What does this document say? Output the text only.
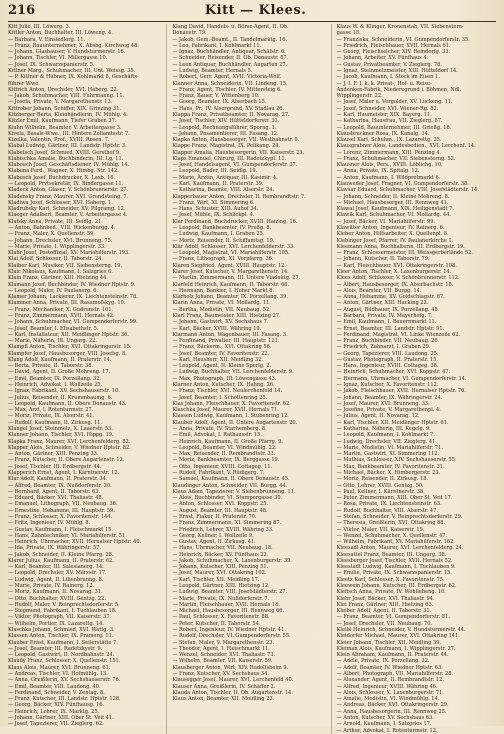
216	Kitt — Klees.
Kitt Julie, III. Löwerg. 3.
Kittler Anton, Buchhalter, III. Löweng. 4.
— Barbara, V. Einsiedlerg. 11.
— Franz, Bauunternehmer, X. Absbg. Kirchweg 48.
— Johann, Glashauser, V. Hundsturmerstr. 16.
— Johann, Tischler, VI. Millergasse 10.
— Josef, IX. Schwarzspanierstr. 5.
Kittner Marg., Schuhmacher, III. Unt. Weissg. 35.
— P. Kittner & Hübner, IX. Kohlmarkt 8, Geschäfts-
führer Wwe.
Kittrich Anton, Drechsler, XVI. Haberg. 22.
— Jakob, Schuhmacher, VIII. Fuhrmanng. 11.
— Josefa, Private, V. Margarethenstr. 13.
Kittrober Johann, Schiffer, XIX. Grinzing 31.
Kitzberger Berta, Kleinhändlerin, IV. Mühlg. 4.
Kitzler Emil, Kaufmann, Tiefer Graben 37.
Kiuhn Wilhelm, Beamter, V. Arbeitergasse 3.
Kivela, Basale-Wwe., III. Hintere Zollamtsstr. 7.
Kizelka, Valentin, Prof., XVIII. Rosen. 7.
Klabal Ludwig, Gärtner, III. Landstr. Hptstr. 3.
Klabetsch Josef, Schmied, XVIII. Gersthof 9.
Klabischka Amalie, Buchbinderin, III. Lg. 11.
Klabouch Josef, Geschäftsdiener, IV. Mühlg. 14.
Klabuna Ferd., Wagner, X. Himbg. Str. 142.
Klabusch Josef, Buchdrucker, X. Laxb. 16.
— Leopold, Prvtsekretär, IX. Bindergasse 11.
Kladeck Anton, Glaser, V. Schönbrunnerstr. 27.
Kladensky Franz, Maurer, XVI. Grundsteing. 7.
Kladiwa Josef, Schlosser, XVI. Haberg. 1.
Kladrubsky Karl, Schneider, XV. Pilgramg. 12.
Klaeger Adalbert, Beamter, V. Arbeitergasse 4.
Klafsky Anna, Private, III. Seidlg. 21.
— Anton, Bahnbed., VIII. Wickenburgg. 4.
— Franz, Maler, X. Quellenstr. 59.
— Johann, Drechsler, XVI. Brunneng. 75.
— Marie, Private, I. Wipplingerstr. 33.
Klahr Josef, Postoffizial, XV. Mariahilferstr. 193.
Klai Adolf, Schlosser, II. Taborstr. 24.
Klaiber Karl, Musiker, VII. Siebensterng. 19.
Klaic Nikolaus, Kaufmann, I. Salzgries 6.
Klain Franz, Gärtner, XIII. Hietzing 44.
Klamann Josef, Buchbinder, IV. Wiedner Hptstr. 9.
— Leopold, Maler, IV. Paulanerg. 6.
Klamer Johann, Lackierer, IX. Liechtensteinstr. 78.
Klammer Anna, Private, III. Rasumofskyg. 10.
— Franz, Mechaniker, X. Gudrunstr. 101.
— Franz, Zimmermann, XVII. Hernals 42.
— Johann, Schuhmacher, VI. Gumpendorferstr. 99.
— Josef, Beamter, I. Elisabethstr. 5.
— Karl, Installateur, XII. Meidlinger Hptstr. 36.
— Marie, Näherin, III. Ungarg. 22.
Klampfl Anton, Tischler, XVI. Ottakringerstr. 15.
Klampfer Josef, Hausbesorger, VIII. Josefsg. 8.
Klang Adolf, Kaufmann, II. Praterstr. 14.
— Berta, Private, II. Taborstr. 38.
— David, Agent, II. Große Mohreng. 17.
— Emil, Beamter, IX. Porzellang. 32.
— Heinrich, Advokat, I. Wollzeile 25.
— Ignaz, Fabrikant, XV. Sechshauserstr. 10.
— Julius, Reisender, II. Krummbaumg. 6.
— Leopold, Kaufmann, II. Obere Donaustr. 43.
— Max, Arzt, I. Rotenturmstr. 27.
— Moriz, Private, IX. Alserstr. 41.
— Rudolf, Kaufmann, II. Zirkusg. 11.
Klangel Josef, Steinmetz, X. Laaerstr. 53.
Klanner Johann, Tischler, XVI. Hippg. 19.
Klapka Franz, Maurer, XVI. Lerchenfelderg. 82.
Klapper Alois, Schneider, V. Wiedner Hptstr. 82.
— Anton, Gärtner, XIII. Penzing 33.
— Franz, Kutscher, II. Obere Augartenstr. 12.
— Josef, Tischler, III. Erdbergstr. 44.
Klapperich Ernst, Agent, I. Kärntnerstr. 12.
Klar Adolf, Kaufmann, II. Praterstr. 34.
— Alfred, Beamter, IX. Nußdorferstr. 20.
— Bernhard, Agent, II. Taborstr. 63.
— Eduard, Bäcker, XVI. Thaliastr. 48.
— Emanuel, Lithograph, VII. Neubaug. 36.
— Ernestine, Hebamme, III. Hauptstr. 59.
— Franz, Schlosser, X. Favoritenstr. 144.
— Fritz, Ingenieur, IV. Mühlg. 8.
— Gustav, Kaufmann, I. Fleischmarkt 15.
— Hans, Zahntechniker, VI. Mariahilferstr. 51.
— Heinrich, Uhrmacher, XVII. Hernalser Hptstr. 40.
— Ida, Private, IX. Währingerstr. 57.
— Jakob, Schneider, II. Kleine Pfarrg. 28.
Klarer Julius, Kaufmann, II. Praterstr. 62.
— Karl, Beamter, III. Salesianerg. 14.
— Leopold, Drechsler, XV. Märzstr. 17.
— Ludwig, Agent, II. Lilienbrunng. 8.
— Marie, Private, IV. Rainerg. 12.
— Moriz, Kaufmann, II. Novarag. 31.
— Otto, Buchhalter, XVIII. Gentzg. 22.
— Rudolf, Maler, V. Reinprechtsdorferstr. 5.
— Siegmund, Fabrikant, I. Tuchlauben 18.
— Viktor, Photograph, VII. Kaiserstr. 37.
— Wilhelm, Portier, IX. Lazarettg. 14.
Klaschka Johann, Schmied, XVI. Wattg. 3.
Klassen Anton, Tischler, IX. Pramerg. 11.
Klauber Ernst, Kaufmann, I. Seilerstätte 7.
— Josef, Beamter, III. Radetzkystr. 9.
— Leopold, Gastwirt, II. Nordbahnstr. 24.
Klaudy Franz, Schlosser, X. Quellenstr. 151.
Klaus Alois, Maurer, XVI. Brunneng. 61.
— Andreas, Tischler, VI. Hofmühlg. 13.
— Anna, Greißlerin, XV. Sechshauserstr. 76.
— Emil, Beamter, VIII. Laudong. 40.
— Ferdinand, Schneider, V. Zentag. 8.
— Franz, Kutscher, III. Landstr. Hptstr. 128.
— Georg, Bäcker, XIV. Fünfhausg. 16.
— Heinrich, Lehrer, IX. Marktg. 25.
— Johann, Gärtner, XIII. Ober St. Veit 41.
— Josef, Tapezierer, VII. Zieglerg. 62.
Klang David, Handels- u. Börse-Agent, II. Ob.
Donaustr. 79.
— Jakob, Gem.-Beamt., II. Tandelmarktg. 16.
— Leo, Fabrikant, I. Kohlmarkt 11.
— Ignaz, Buchhändler, Antiquar, Schäfstr. 6.
— Schneider, Reisender, II. Ob. Donaustr. 87.
— Leon Antiquar, Buchhändler, Augarten 27.
— Ludwig, Beamter, Hernals 5.
— Robert, Gerr. Agent, XVII. Victoria-Wolf.
Klanner Anna, Schneiderin, VII. Lindeng. 15.
— Franz, Agent, Tischler, IV. Mittersteig 6.
— Franz, Bauer, V. Wittenberg 10.
— Georg, Beamter, IX. Alserbach 15.
— Hans, Pr., IV. Alsergrund, XV. Stadlau 26.
Klappa Franz, Privatbeamter, II. Novarag. 27.
— Josef, Tischler, XIV. Hütteldorferstr. 31.
— Leopold, Rechnungsführer, Sporng. 1.
— Johann, Posamentierer, III. Fasang. 12.
Klapka Anton, Hausbesorger, VII. Westbahnstr. 9.
Klappe Franz, Magistrat, IX. Pelikang. 24.
Klapper Amalia, Hausbesorgerin, VII. Kaiserstr. 23.
Klaps Emanuel, Chirurg, III. Radetzkypl. 11.
— Josef, Handelsagent, VI. Gumpendorferstr. 37.
— Leopold, Bader, III. Seidlg. 19.
— Marie, Ärztin, Antiquar, III. Kasimir. 4.
— Karl, Kaufmann, II. Praterstr. 39.
— Katharina, Beamte, VIII. Alserstr. 24.
Klapperbauer Anton, Drechsler, II. Rembrandtstr. 7.
— Franz, Wirt, XI. Simmering 6.
— Hans, Schuster, XIII. Auhof 34.
— Josef, Mühle, IX. Schlickpl. 4.
Klar Ferdinand, Buchdrucker, XVIII. Haizing. 16.
— Leopold, Bankbeamter, IV. Preßg. 8.
— Ludwig, Kaufmann, I. Graben 25.
— Moriz, Reisender, II. Schiffamtsg. 19.
Klär Adolf, Schlosser, XVI. Lerchenfelderstr. 33.
— Leopold, Magistrat, VI. Mariahilferstr. 105.
— Franz, Lithograph, XI. Vorpfarrg. 36.
Klaren Siegfried, Agent, XVIII. Hauptstr. 12.
Klarer Josef, Kutscher, V. Margarethenstr. 14.
— Martin, Zimmermann, III. Untere Viaduktg. 27.
Klarfeld Heinrich, Kaufmann, II. Taborstr. 68.
— Hermann, Bankier, I. Hoher Markt 8.
Klarholz Johann, Beamter, IX. Porzellang. 39.
Klarin Anna, Private, VI. Mollardg. 11.
— Bertha, Modistin, VII. Neubaug. 52.
Klarl Franz, Baumeister, XIII. Hietzing 27.
— Johann, Gastwirt, XV. Sechshaus 7.
— Karl, Bäcker, XVIII. Währing 19.
Klarmann Anton, Wagenbauer, III. Fasang. 3.
— Ferdinand, Privatier, III. Hauptstr. 121.
— Franz, Bäckerm., XVI. Ottakring 56.
— Josef, Beamter, IV. Favoritenstr. 22.
— Karl, Hausherr, XII. Meidling 32.
— Leopold, Agent, II. Kleine Sperlg. 2.
— Ludwig, Buchhalter, VII. Lerchenfelderstr. 9.
— Max, Photograph, III. Löwengasse 43.
Klarner Anton, Kutscher, IX. Hahng. 26.
— Franz, Tischler, XVI. Neulerchenfeld 14.
— Josef, Beamter, I. Schottenring 25.
Klas Johann, Fleischhauer, X. Favoritenstr. 62.
Klaschka Josef, Maurer, XVII. Hernals 71.
Klassen Ludwig, Kaufmann, I. Stubenring 12.
Klauber Adolf, Agent, II. Untere Augartenstr. 20.
— Anna, Private, IV. Starhemberg. 8.
— Emil, Advokat, I. Rathausstr. 15.
— Heinrich, Kaufmann, II. Große Pfarrg. 9.
— Leopold, Beamter, VI. Windmühlg. 22.
— Max, Reisender, II. Rembrandtstr. 33.
— Moriz, Bankbeamter, IX. Berggasse 19.
— Otto, Ingenieur, XVIII. Cottageg. 11.
— Rudolf, Fabrikant, V. Rüdigerg. 7.
— Samuel, Kaufmann, II. Obere Donaustr. 45.
Klaudinger Anton, Schneider, VII. Burgg. 44.
Klaus Adam, Tapezierer, V. Siebenbrunneng. 11.
— Alois, Buchbinder, VI. Stumpergasse 30.
— Anton, Schlosser, XVI. Koppstr. 25.
— August, Beamter, III. Hauptstr. 48.
— Ernst, Fiaker, II. Praterstr. 70.
— Franz, Zimmermann, XI. Simmering 87.
— Friedrich, Lehrer, XVIII. Währing 33.
— Georg, Kellner, I. Wollzeile 9.
— Gustav, Agent, II. Zirkusg. 41.
— Hans, Uhrmacher, VII. Neubaug. 18.
— Heinrich, Bäcker, XV. Fünfhaus 22.
— Jakob, Schuhmacher, X. Laxenburgerstr. 39.
— Johann, Kutscher, XIII. Penzing 51.
— Josef, Maurer, XVI. Ottakring 102.
— Karl, Tischler, XII. Meidling 17.
— Leopold, Gärtner, XIII. Hietzing 12.
— Ludwig, Beamter, VIII. Josefstädterstr. 27.
— Marie, Private, IX. Nußdorferstr. 7.
— Martin, Fleischhauer, XVII. Hernals 18.
— Michael, Hausbesorger, III. Rennweg 66.
— Paul, Schlosser, X. Favoritenstr. 88.
— Peter, Kutscher, II. Taborstr. 54.
— Robert, Ingenieur, IV. Wiedner Hptstr. 41.
— Rudolf, Drechsler, VI. Gumpendorferstr. 55.
— Stefan, Maler, V. Margarethenstr. 23.
— Theodor, Agent, I. Fleischmarkt 11.
— Wenzel, Schneider, XVI. Thaliastr. 73.
— Wilhelm, Beamter, VII. Kaiserstr. 59.
Klausberger Anton, Wirt, XIV. Rudolfsheim 9.
— Franz, Kutscher, XV. Sechshaus 34.
Klausegger Josef, Maurer, XVI. Lerchenfeld 40.
Klauser Anna, Greißlerin, IV. Schäffer 2.
Klauda Anton, Tischler, II. Ob. Augartenstr. 14.
Klaus Anton, Beamter, XII. Meidling 23.
Klaus W. & Klinger, Kronenstab, VII. Siebenstern-
gasse 18.
— Franziska, Schneiderin, VI. Gumpendorferstr. 35.
— Friedrich, Fleischhauer, XVII. Hernals 61.
— Georg, Fleischselcher, XIV. Reindorfg. 33.
— Johann, Arbeiter, XV. Fünfhaus 4.
— Gustav, Privatbeamter, V. Zieglerg. 78.
— Ignaz, Steinmetzmeister, XIII. Hütteldorf 14.
— Jacob, Kaufmann, I. Stock im Eisen 1.
— J. I. F. I. k. k. Privat-, Hof- u. Reise-
Andenken-Fabrik, Niederegrund i. Böhmen, Ndl.
Wipplingerstr. 22.
— Josef, Maler u. Vergolder, XV. Luckeng. 11.
— Josef, Schneider, XVI. Wiener-Rg. 82.
— Karl, Haumeister, XIX. Bayerg. 11.
— Katharina, Hausfrau, VII. Zieglerg. 87.
— Leopold, Bauunternehmer, III. Grießg. 16.
Klausbruckner Rosa, IX. Kanalg. 14.
Klausel Karl, Schuhm., IX. Lazarettg. 35.
Klausgrabner Alois, Landesbedien., XVI. Lerchenf. 14.
— Lorenz, Zimmermann, XIII. Penzing 4.
— Franz, Schuhmacher, VII. Siebensterng. 52.
Klausner Alois, Pers., XVIII. Löblichg. 10.
— Anna, Private, IX. Spitalg. 12.
— Anton, Kaufmann, I. Wildpretmarkt 6.
Klauweder Josef, Fragner, VI. Gumpendorferstr. 38.
Klavsar Eduard, Schuhmacher, VIII. Josefstädterstr. 14.
— Johann, Schneider, II. Kleine Mohreng. 8.
— Michael, Hausbesorger, III. Rennweg 41.
Klawal Josef, Kaufmann, XIX. Heiligenstadt 7.
Klawik Karl, Schuhmacher, VI. Mollardg. 44.
— Josef, Bäcker, VI. Mariahilferstr. 99.
Klawitter Anton, Ingenieur, IV. Rainerg. 6.
Kleber Anton, Hilfsarbeiter, X. Quellenpl. 8.
Klebinger Josef, Pfarrer, IV. Paulanerkirche 1.
Kleemann Anna, Buchhalterin, III. Erdbergstr. 19.
— Franz, Schlossermeister, III. Weissgerberlände 52.
— Johann, Kutscher, II. Taborstr. 79.
— Karl, Fleischhauer, XVI. Ottakringerstr. 108.
Kleer Anton, Tischler, X. Laxenburgerstr. 14.
Klees Adolf, Schlosser, V. Schönbrunnerstr. 112.
— Albert, Hausbesorger, IX. Alserbachstr. 18.
— Alois, Beamter, VII. Burgg. 14.
— Anna, Hebamme, XV. Goldschlagstr. 87.
— Anton, Gärtner, XIII. Hacking 22.
— August, Bildhauer, IX. Porzellang. 48.
— Barbara, Private, IV. Mayerhofg. 7.
— Emil, Kaufmann, I. Bauernmarkt 11.
— Ernst, Beamter, III. Landstr. Hptstr. 91.
— Ferdinand, Magistrat, VI. Linke Wienzeile 62.
— Franz, Buchbinder, VII. Neubaug. 26.
— Friedrich, Zahnarzt, I. Graben 29.
— Georg, Tapezierer, VIII. Laudong. 25.
— Gustav, Photograph, II. Praterstr. 15.
— Hans, Ingenieur, XVIII. Cottageg. 38.
— Heinrich, Schuhmacher, XVI. Koppstr. 47.
— Hermann, Uhrmacher, VI. Gumpendorferstr. 14.
— Ignaz, Kutscher, X. Favoritenstr. 112.
— Jakob, Fleischhauer, XVII. Hernalser Hptstr. 76.
— Johann, Beamter, IX. Währingerstr. 24.
— Josef, Maurer, XVI. Brunneng. 33.
— Josefine, Private, V. Margarethenpl. 4.
— Julius, Agent, II. Novarag. 12.
— Karl, Tischler, XII. Meidlinger Hptstr. 61.
— Katharina, Näherin, III. Kegelg. 9.
— Leopold, Kaufmann, I. Kohlmarkt 7.
— Ludwig, Drechsler, VII. Zieglerg. 41.
— Marie, Modistin, VI. Mariahilferstr. 71.
— Martin, Gastwirt, XI. Simmering 112.
— Mathias, Schlosser, XIV. Sechshauserstr. 55.
— Max, Bankbeamter, IV. Favoritenstr. 31.
— Michael, Bäcker, X. Himbergerstr. 23.
— Moriz, Reisender, II. Zirkusg. 18.
— Otto, Lehrer, XVIII. Gentzg. 50.
— Paul, Kellner, I. Kärntnerstr. 38.
— Peter, Zimmermann, XIII. Ober St. Veit 17.
— Rosa, Private, IX. Liechtensteinstr. 63.
— Rudolf, Buchhalter, VIII. Alserstr. 47.
— Stefan, Schneider, V. Reinprechtsdorferstr. 29.
— Theresia, Greißlerin, XVI. Ottakring 88.
— Viktor, Maler, VII. Kaiserstr. 19.
— Wenzel, Schuhmacher, X. Quellenstr. 47.
— Wilhelm, Fabrikant, XV. Mariahilferstr. 162.
Kleesadl Anton, Maurer, XVI. Lerchenfelderg. 24.
Kleesattel Franz, Beamter, III. Ungarg. 38.
Kleesberger Josef, Tischler, XVII. Hernals 52.
Kleestadt Ludwig, Kaufmann, I. Tuchlauben 9.
— Emilie, Private, IX. Schwarzspanierstr. 15.
Kleetz Karl, Schlosser, X. Favoritenstr. 75.
Kleewein Johann, Kutscher, III. Erdbergstr. 62.
Klefisch Anna, Private, IV. Wohllebeng. 10.
Klehr Josef, Bäcker, XVI. Thaliastr. 94.
Klei Franz, Gärtner, XIII. Hietzing 63.
Kleiber Adolf, Agent, II. Taborstr. 31.
— Franz, Beamter, VI. Gumpendorferstr. 81.
— Josef, Drechsler, VII. Neubaug. 70.
Kleibl Heinrich, Schneider, V. Hundsturmerstr. 44.
Kleidorfer Michael, Maurer, XVI. Ottakring 141.
Kleier Johann, Tischler, XII. Meidling 39.
Kleiman Alois, Kaufmann, I. Wipplingerstr. 27.
Klein Abraham, Kaufmann, II. Praterstr. 44.
— Adele, Private, IX. Porzellang. 22.
— Adolf, Beamter, IV. Wiedner Hptstr. 63.
— Albert, Photograph, VII. Mariahilferstr. 28.
— Alexander, Agent, II. Rembrandtstr. 12.
— Alfred, Ingenieur, XVIII. Währing 46.
— Alois, Schlosser, X. Laxenburgerstr. 71.
— Amalie, Modistin, VI. Windmühlg. 14.
— Andreas, Bäcker, XVI. Ottakringerstr. 29.
— Anna, Hausbesorgerin, III. Rennweg 25.
— Anton, Kutscher, XV. Sechshaus 63.
— Arnold, Kaufmann, I. Salzgries 17.
— Arthur, Advokat, I. Rotenturmstr. 12.
